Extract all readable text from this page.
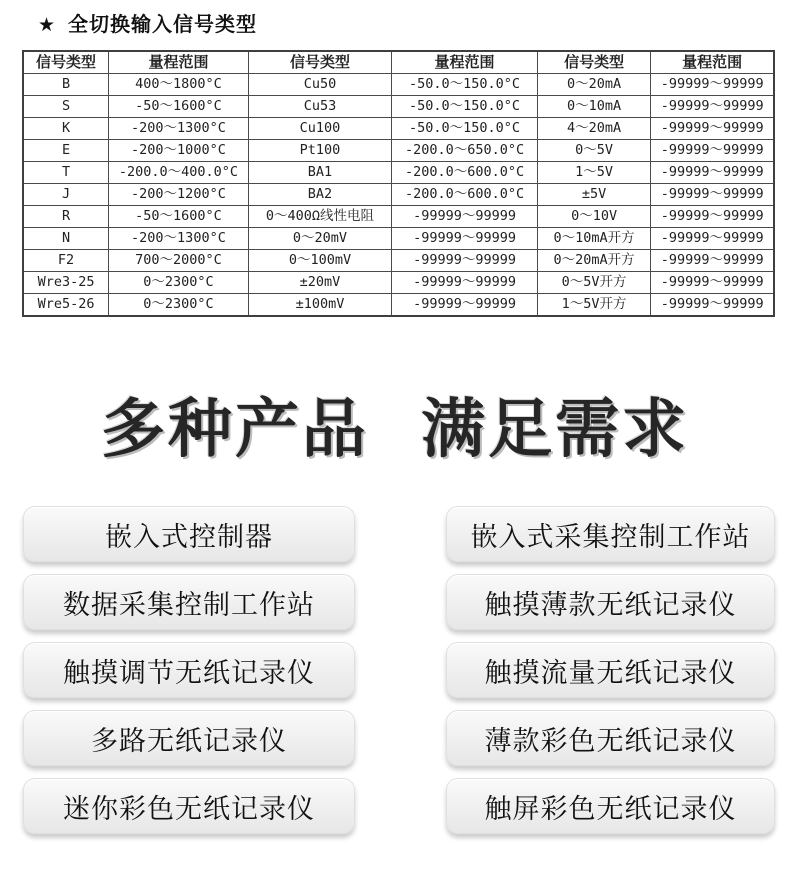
★ 全切换输入信号类型
信号类型	量程范围	信号类型	量程范围	信号类型	量程范围
B	400～1800°C	Cu50	-50.0～150.0°C	0～20mA	-99999～99999
S	-50～1600°C	Cu53	-50.0～150.0°C	0～10mA	-99999～99999
K	-200～1300°C	Cu100	-50.0～150.0°C	4～20mA	-99999～99999
E	-200～1000°C	Pt100	-200.0～650.0°C	0～5V	-99999～99999
T	-200.0～400.0°C	BA1	-200.0～600.0°C	1～5V	-99999～99999
J	-200～1200°C	BA2	-200.0～600.0°C	±5V	-99999～99999
R	-50～1600°C	0～400Ω线性电阻	-99999～99999	0～10V	-99999～99999
N	-200～1300°C	0～20mV	-99999～99999	0～10mA开方	-99999～99999
F2	700～2000°C	0～100mV	-99999～99999	0～20mA开方	-99999～99999
Wre3-25	0～2300°C	±20mV	-99999～99999	0～5V开方	-99999～99999
Wre5-26	0～2300°C	±100mV	-99999～99999	1～5V开方	-99999～99999
多种产品 满足需求
嵌入式控制器
数据采集控制工作站
触摸调节无纸记录仪
多路无纸记录仪
迷你彩色无纸记录仪
嵌入式采集控制工作站
触摸薄款无纸记录仪
触摸流量无纸记录仪
薄款彩色无纸记录仪
触屏彩色无纸记录仪
